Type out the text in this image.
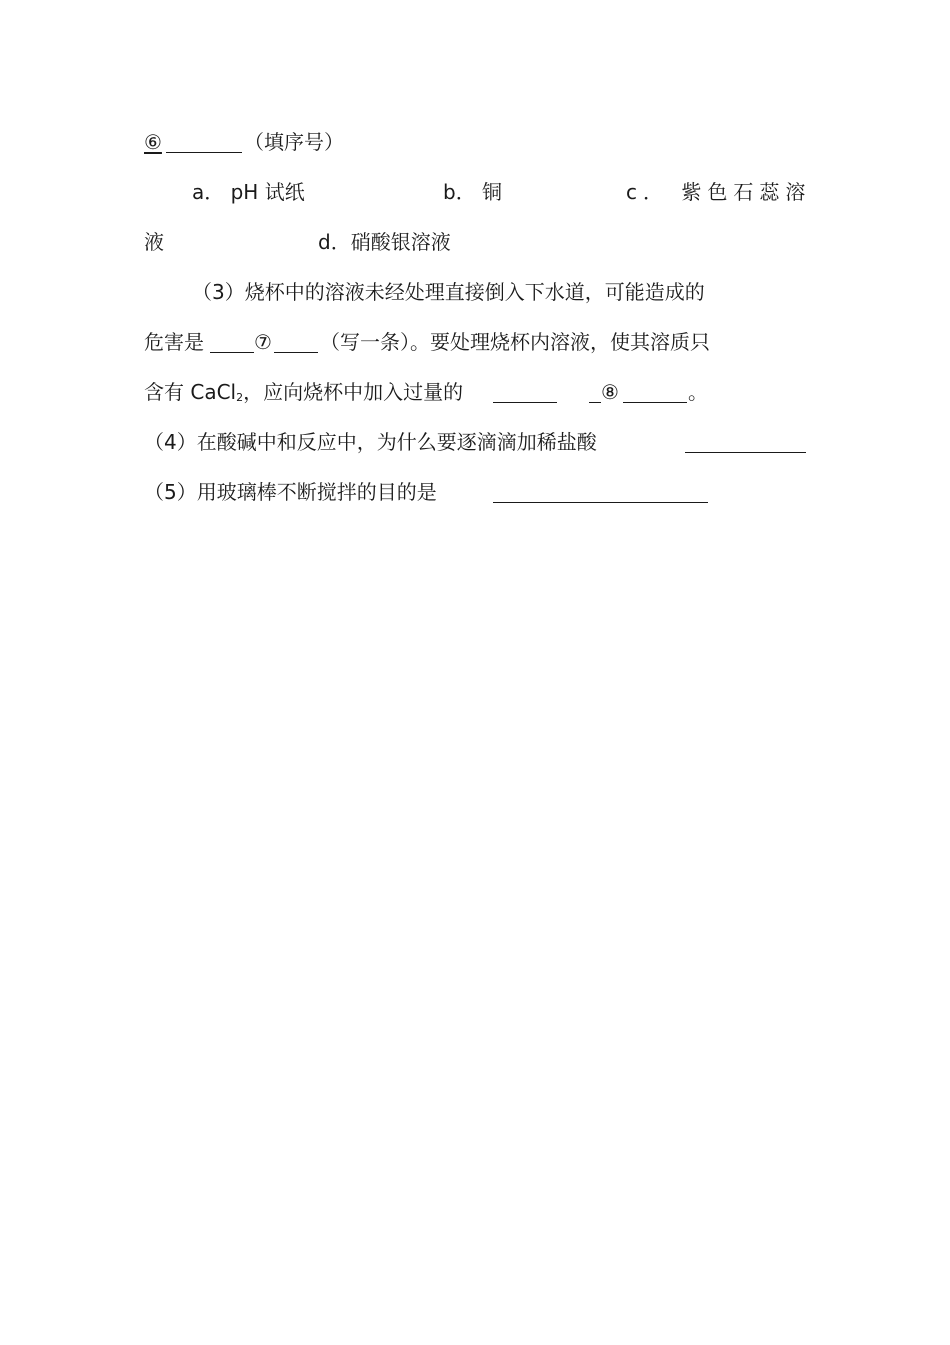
⑥	（填序号）
a． pH 试纸	b． 铜	c． 紫色石蕊溶
液	d．硝酸银溶液
（3）烧杯中的溶液未经处理直接倒入下水道，可能造成的
危害是	⑦ （写一条）。要处理烧杯内溶液，使其溶质只
含有 CaCl$_2$，应向烧杯中加入过量的	⑧	。
（4）在酸碱中和反应中，为什么要逐滴滴加稀盐酸
（5）用玻璃棒不断搅拌的目的是
